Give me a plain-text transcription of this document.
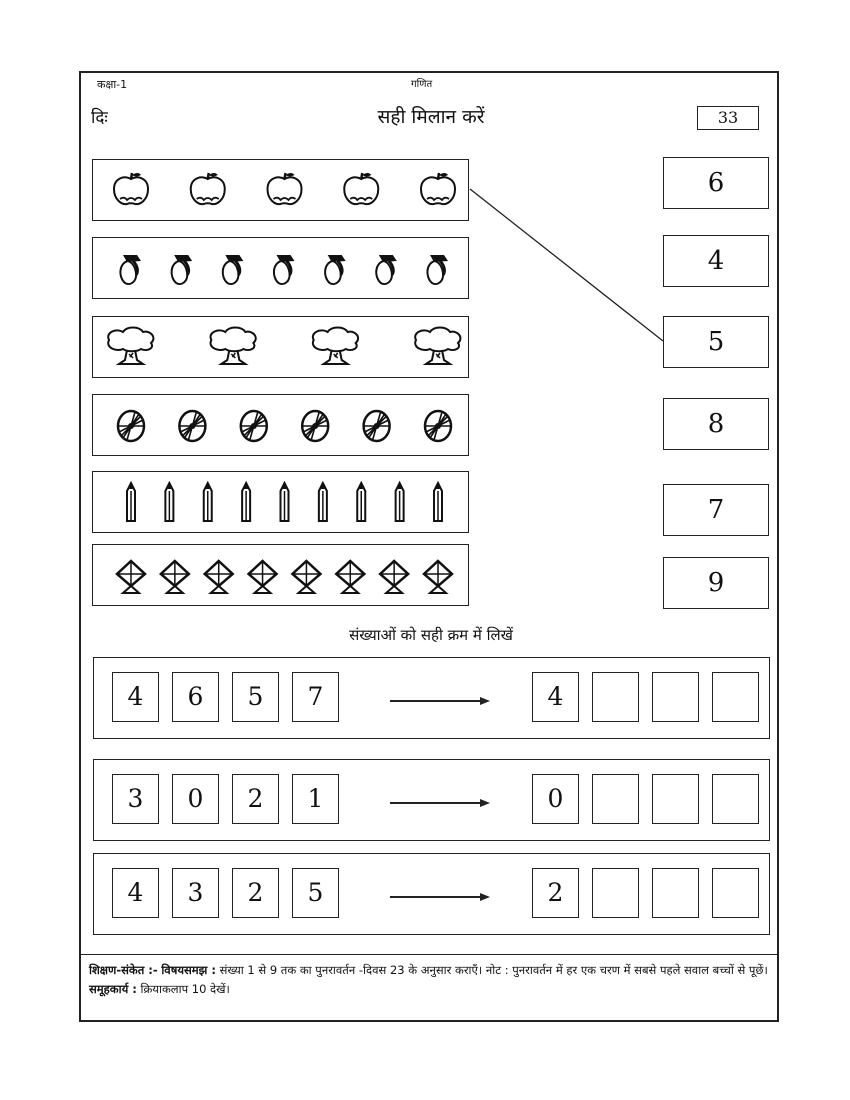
कक्षा-1	गणित
दिः	सही मिलान करें	33
6
4
5
8
7
9
संख्याओं को सही क्रम में लिखें
4	6	5	7	4
3	0	2	1	0
4	3	2	5	2
शिक्षण-संकेत :- विषयसमझ : संख्या 1 से 9 तक का पुनरावर्तन -दिवस 23 के अनुसार कराएँ। नोट : पुनरावर्तन में हर एक चरण में सबसे पहले सवाल बच्चों से पूछें। समूहकार्य : क्रियाकलाप 10 देखें।
